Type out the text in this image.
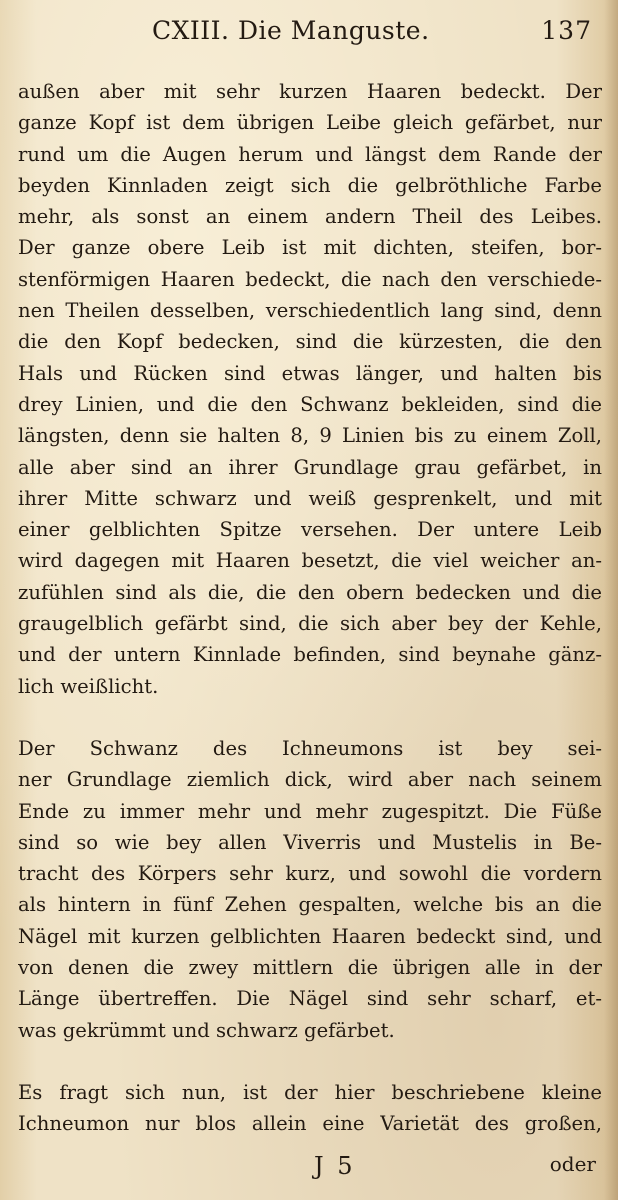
CXIII. Die Manguste.	137
außen aber mit sehr kurzen Haaren bedeckt. Der
ganze Kopf ist dem übrigen Leibe gleich gefärbet, nur
rund um die Augen herum und längst dem Rande der
beyden Kinnladen zeigt sich die gelbröthliche Farbe
mehr, als sonst an einem andern Theil des Leibes.
Der ganze obere Leib ist mit dichten, steifen, bor-
stenförmigen Haaren bedeckt, die nach den verschiede-
nen Theilen desselben, verschiedentlich lang sind, denn
die den Kopf bedecken, sind die kürzesten, die den
Hals und Rücken sind etwas länger, und halten bis
drey Linien, und die den Schwanz bekleiden, sind die
längsten, denn sie halten 8, 9 Linien bis zu einem Zoll,
alle aber sind an ihrer Grundlage grau gefärbet, in
ihrer Mitte schwarz und weiß gesprenkelt, und mit
einer gelblichten Spitze versehen. Der untere Leib
wird dagegen mit Haaren besetzt, die viel weicher an-
zufühlen sind als die, die den obern bedecken und die
graugelblich gefärbt sind, die sich aber bey der Kehle,
und der untern Kinnlade befinden, sind beynahe gänz-
lich weißlicht.
Der Schwanz des Ichneumons ist bey sei-
ner Grundlage ziemlich dick, wird aber nach seinem
Ende zu immer mehr und mehr zugespitzt. Die Füße
sind so wie bey allen Viverris und Mustelis in Be-
tracht des Körpers sehr kurz, und sowohl die vordern
als hintern in fünf Zehen gespalten, welche bis an die
Nägel mit kurzen gelblichten Haaren bedeckt sind, und
von denen die zwey mittlern die übrigen alle in der
Länge übertreffen. Die Nägel sind sehr scharf, et-
was gekrümmt und schwarz gefärbet.
Es fragt sich nun, ist der hier beschriebene kleine
Ichneumon nur blos allein eine Varietät des großen,
J 5	oder
